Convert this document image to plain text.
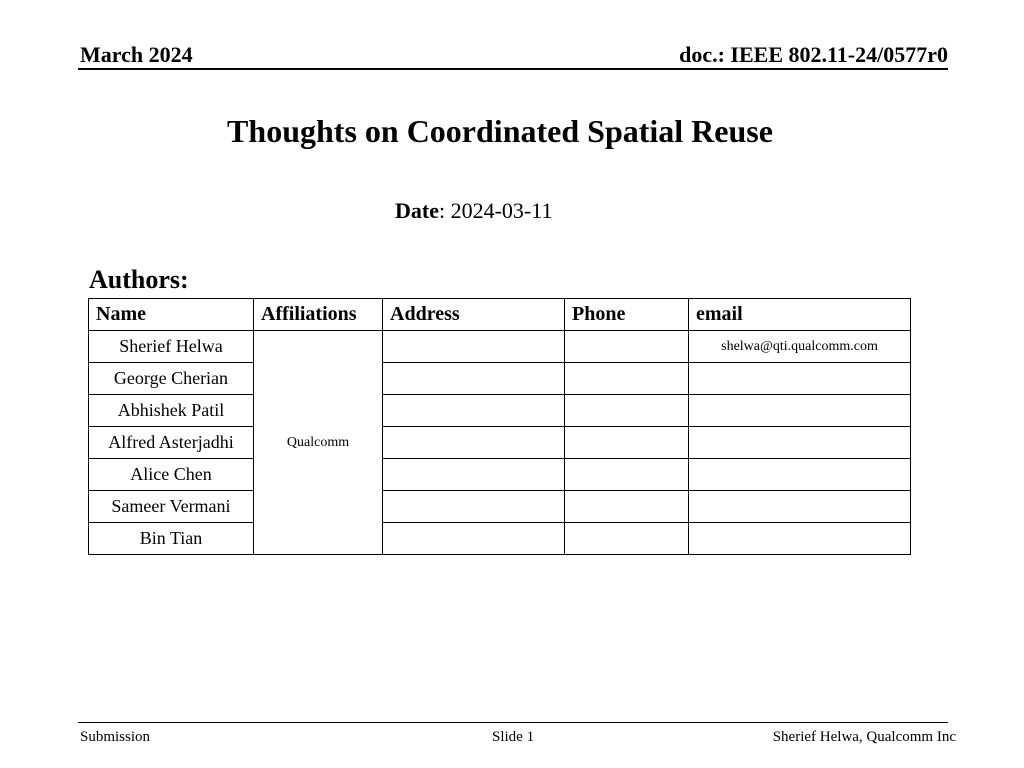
March 2024	doc.: IEEE 802.11-24/0577r0
Thoughts on Coordinated Spatial Reuse
Date: 2024-03-11
Authors:
Name	Affiliations	Address	Phone	email
Sherief Helwa	Qualcomm			shelwa@qti.qualcomm.com
George Cherian				
Abhishek Patil				
Alfred Asterjadhi				
Alice Chen				
Sameer Vermani				
Bin Tian				
Submission	Slide 1	Sherief Helwa, Qualcomm Inc
